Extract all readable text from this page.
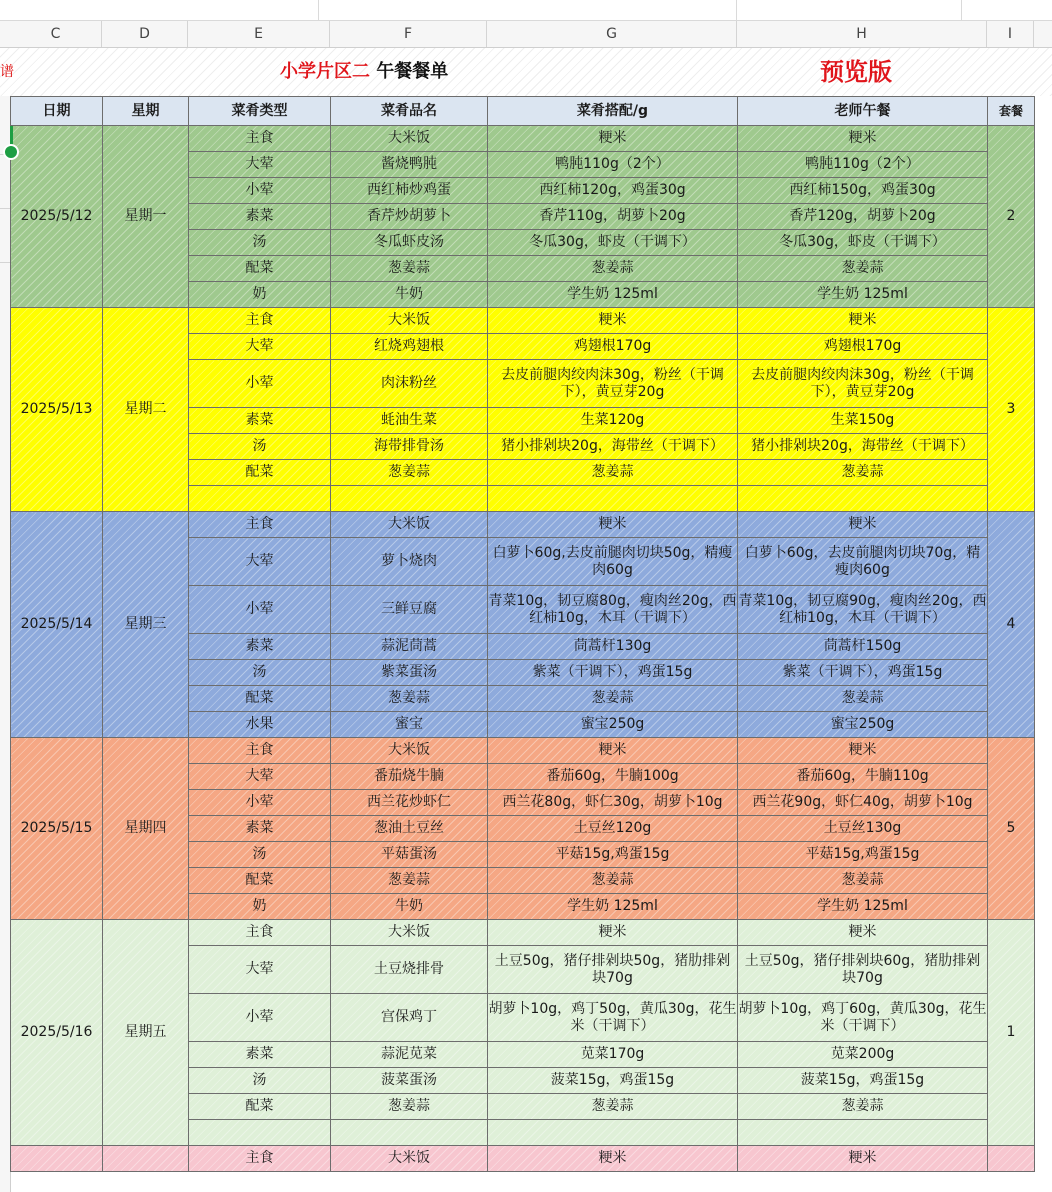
C	D	E	F	G	H	I
谱	小学片区二 午餐餐单	预览版
日期	星期	菜肴类型	菜肴品名	菜肴搭配/g	老师午餐	套餐
2025/5/12	星期一	主食	大米饭	粳米	粳米	2
		大荤	酱烧鸭肫	鸭肫110g（2个）	鸭肫110g（2个）	
		小荤	西红柿炒鸡蛋	西红柿120g，鸡蛋30g	西红柿150g，鸡蛋30g	
		素菜	香芹炒胡萝卜	香芹110g，胡萝卜20g	香芹120g，胡萝卜20g	
		汤	冬瓜虾皮汤	冬瓜30g，虾皮（干调下）	冬瓜30g，虾皮（干调下）	
		配菜	葱姜蒜	葱姜蒜	葱姜蒜	
		奶	牛奶	学生奶 125ml	学生奶 125ml	
2025/5/13	星期二	主食	大米饭	粳米	粳米	3
		大荤	红烧鸡翅根	鸡翅根170g	鸡翅根170g	
		小荤	肉沫粉丝	去皮前腿肉绞肉沫30g，粉丝（干调下），黄豆芽20g	去皮前腿肉绞肉沫30g，粉丝（干调下），黄豆芽20g	
		素菜	蚝油生菜	生菜120g	生菜150g	
		汤	海带排骨汤	猪小排剁块20g，海带丝（干调下）	猪小排剁块20g，海带丝（干调下）	
		配菜	葱姜蒜	葱姜蒜	葱姜蒜	

2025/5/14	星期三	主食	大米饭	粳米	粳米	4
		大荤	萝卜烧肉	白萝卜60g,去皮前腿肉切块50g，精瘦肉60g	白萝卜60g，去皮前腿肉切块70g，精瘦肉60g	
		小荤	三鲜豆腐	青菜10g，韧豆腐80g，瘦肉丝20g，西红柿10g，木耳（干调下）	青菜10g，韧豆腐90g，瘦肉丝20g，西红柿10g，木耳（干调下）	
		素菜	蒜泥茼蒿	茼蒿杆130g	茼蒿杆150g	
		汤	紫菜蛋汤	紫菜（干调下），鸡蛋15g	紫菜（干调下），鸡蛋15g	
		配菜	葱姜蒜	葱姜蒜	葱姜蒜	
		水果	蜜宝	蜜宝250g	蜜宝250g	
2025/5/15	星期四	主食	大米饭	粳米	粳米	5
		大荤	番茄烧牛腩	番茄60g，牛腩100g	番茄60g，牛腩110g	
		小荤	西兰花炒虾仁	西兰花80g，虾仁30g，胡萝卜10g	西兰花90g，虾仁40g，胡萝卜10g	
		素菜	葱油土豆丝	土豆丝120g	土豆丝130g	
		汤	平菇蛋汤	平菇15g,鸡蛋15g	平菇15g,鸡蛋15g	
		配菜	葱姜蒜	葱姜蒜	葱姜蒜	
		奶	牛奶	学生奶 125ml	学生奶 125ml	
2025/5/16	星期五	主食	大米饭	粳米	粳米	1
		大荤	土豆烧排骨	土豆50g，猪仔排剁块50g，猪肋排剁块70g	土豆50g，猪仔排剁块60g，猪肋排剁块70g	
		小荤	宫保鸡丁	胡萝卜10g，鸡丁50g，黄瓜30g，花生米（干调下）	胡萝卜10g，鸡丁60g，黄瓜30g，花生米（干调下）	
		素菜	蒜泥苋菜	苋菜170g	苋菜200g	
		汤	菠菜蛋汤	菠菜15g，鸡蛋15g	菠菜15g，鸡蛋15g	
		配菜	葱姜蒜	葱姜蒜	葱姜蒜	

		主食	大米饭	粳米	粳米	
